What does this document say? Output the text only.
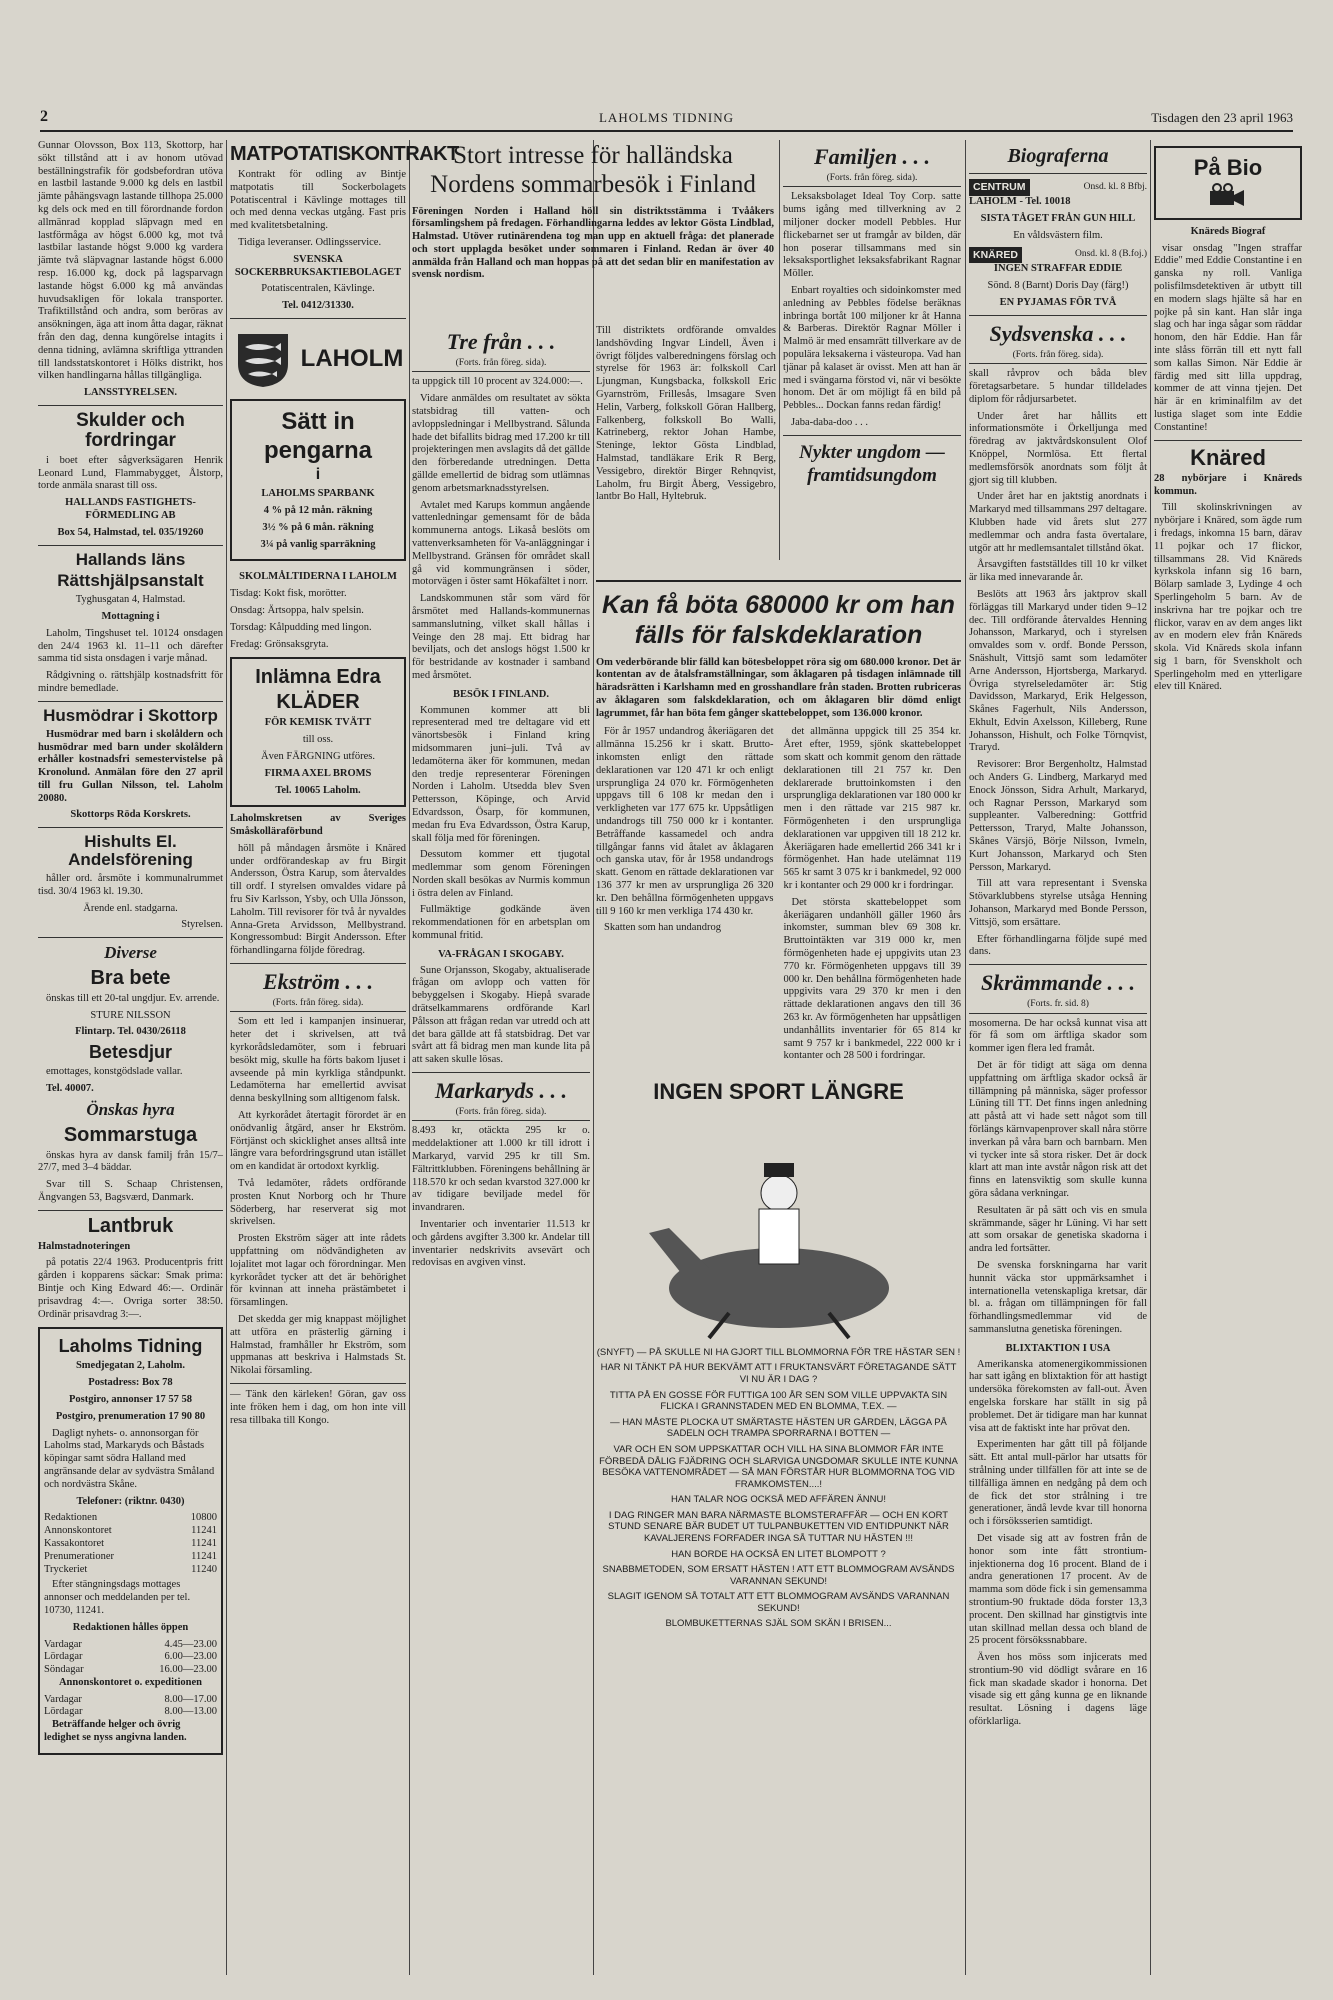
2	LAHOLMS TIDNING	Tisdagen den 23 april 1963

Gunnar Olovsson, Box 113, Skottorp, har sökt tillstånd att i av honom utövad beställningstrafik för godsbefordran utöva en lastbil lastande 9.000 kg dels en lastbil jämte påhängsvagn lastande tillhopa 25.000 kg dels ock med en till förordnande fordon allmänrad kopplad släpvagn med en lastförmåga av högst 6.000 kg, mot två lastbilar lastande högst 9.000 kg varderа jämte två släpvagnar lastande högst 6.000 resp. 16.000 kg, dock på lagsparvagn lastande högst 6.000 kg må användas huvudsakligen för lokala transporter. Trafiktillstånd och andra, som beröras av ansökningen, äga att inom åtta dagar, räknat från den dag, denna kungörelse intagits i denna tidning, avlämna skriftliga yttranden till landsstatskontoret i Hölks distrikt, hos vilken handlingarna hållas tillgängliga.

LANSSTYRELSEN.

Skulder och fordringar

i boet efter sågverksägaren Henrik Leonard Lund, Flammabygget, Ålstorp, torde anmäla snarast till oss.

HALLANDS FASTIGHETS-FÖRMEDLING AB

Box 54, Halmstad, tel. 035/19260

Hallands läns
Rättshjälpsanstalt

Tyghusgatan 4, Halmstad.

Mottagning i

Laholm, Tingshuset tel. 10124 onsdagen den 24/4 1963 kl. 11–11 och därefter samma tid sista onsdagen i varje månad.

Rådgivning o. rättshjälp kostnadsfritt för mindre bemedlade.

Husmödrar i Skottorp

Husmödrar med barn i skolåldern och husmödrar med barn under skolåldern erhåller kostnadsfri semestervistelse på Kronolund. Anmälan före den 27 april till fru Gullan Nilsson, tel. Laholm 20080.

Skottorps Röda Korskrets.

Hishults El. Andelsförening

håller ord. årsmöte i kommunalrummet tisd. 30/4 1963 kl. 19.30.

Ärende enl. stadgarna.

Styrelsen.

Diverse
Bra bete

önskas till ett 20-tal ungdjur. Ev. arrende.

STURE NILSSON

Flintarp. Tel. 0430/26118

Betesdjur

emottages, konstgödslade vallar.

Tel. 40007.

Önskas hyra
Sommarstuga

önskas hyra av dansk familj från 15/7–27/7, med 3–4 bäddar.

Svar till S. Schaap Christensen, Ängvangen 53, Bagsværd, Danmark.

Lantbruk

Halmstadnoteringen

på potatis 22/4 1963. Producentpris fritt gården i kopparens säckar: Smak prima: Bintje och King Edward 46:—. Ordinär prisavdrag 4:—. Ovriga sorter 38:50. Ordinär prisavdrag 3:—.

Laholms Tidning

Smedjegatan 2, Laholm.

Postadress: Box 78

Postgiro, annonser 17 57 58

Postgiro, prenumeration 17 90 80

Dagligt nyhets- o. annonsorgan för Laholms stad, Markaryds och Båstads köpingar samt södra Halland med angränsande delar av sydvästra Småland och nordvästra Skåne.

Telefoner: (riktnr. 0430)

Redaktionen	10800
Annonskontoret	11241
Kassakontoret	11241
Prenumerationer	11241
Tryckeriet	11240

Efter stängningsdags mottages annonser och meddelanden per tel. 10730, 11241.

Redaktionen hålles öppen

Vardagar	4.45—23.00
Lördagar	6.00—23.00
Söndagar	16.00—23.00

Annonskontoret o. expeditionen

Vardagar	8.00—17.00
Lördagar	8.00—13.00

Beträffande helger och övrig ledighet se nyss angivna landen.

MATPOTATISKONTRAKT

Kontrakt för odling av Bintje matpotatis till Sockerbolagets Potatiscentral i Kävlinge mottages till och med denna veckas utgång. Fast pris med kvalitetsbetalning.

Tidiga leveranser. Odlingsservice.

SVENSKA SOCKERBRUKSAKTIEBOLAGET

Potatiscentralen, Kävlinge.

Tel. 0412/31330.

LAHOLM
Sätt in
pengarna
i

LAHOLMS SPARBANK

4 % på 12 mån. räkning

3½ % på 6 mån. räkning

3¼ på vanlig sparräkning

SKOLMÅLTIDERNA I LAHOLM

Tisdag: Kokt fisk, morötter.

Onsdag: Ärtsoppa, halv spelsin.

Torsdag: Kålpudding med lingon.

Fredag: Grönsaksgryta.

Inlämna Edra
KLÄDER

FÖR KEMISK TVÄTT

till oss.

Även FÄRGNING utföres.

FIRMA AXEL BROMS

Tel. 10065 Laholm.

Laholmskretsen av Sveriges Småskolläraförbund

höll på måndagen årsmöte i Knäred under ordförandeskap av fru Birgit Andersson, Östra Karup, som återvaldes till ordf. I styrelsen omvaldes vidare på fru Siv Karlsson, Ysby, och Ulla Jönsson, Laholm. Till revisorer för två år nyvaldes Anna-Greta Arvidsson, Mellbystrand. Kongressombud: Birgit Andersson. Efter förhandlingarna följde föredrag.

Ekström . . .
(Forts. från föreg. sida).

Som ett led i kampanjen insinuerar, heter det i skrivelsen, att två kyrkorådsledamöter, som i februari besökt mig, skulle ha förts bakom ljuset i avseende på min kyrkliga ståndpunkt. Ledamöterna har emellertid avvisat denna beskyllning som alltigenom falsk.

Att kyrkorådet återtagit förordet är en onödvanlig åtgärd, anser hr Ekström. Förtjänst och skicklighet anses alltså inte längre vara befordringsgrund utan istället om en kandidat är ortodoxt kyrklig.

Två ledamöter, rådets ordförande prosten Knut Norborg och hr Thure Söderberg, har reserverat sig mot skrivelsen.

Prosten Ekström säger att inte rådets uppfattning om nödvändigheten av lojalitet mot lagar och förordningar. Men kyrkorådet tycker att det är behörighet för kvinnan att inneha prästämbetet i församlingen.

Det skedda ger mig knappast möjlighet att utföra en prästerlig gärning i Halmstad, framhåller hr Ekström, som uppmanas att beskriva i Halmstads St. Nikolai församling.

— Tänk den kärleken! Göran, gav oss inte fröken hem i dag, om hon inte vill resa tillbaka till Kongo.

Stort intresse för halländska Nordens sommarbesök i Finland

Föreningen Norden i Halland höll sin distriktsstämma i Tvååkers församlingshem på fredagen. Förhandlingarna leddes av lektor Gösta Lindblad, Halmstad. Utöver rutinärendena tog man upp en aktuell fråga: det planerade och stort upplagda besöket under sommaren i Finland. Redan är över 40 anmälda från Halland och man hoppas på att det sedan blir en manifestation av svensk nordism.

Tre från . . .
(Forts. från föreg. sida).

ta uppgick till 10 procent av 324.000:—.

Vidare anmäldes om resultatet av sökta statsbidrag till vatten- och avloppsledningar i Mellbystrand. Sålunda hade det bifallits bidrag med 17.200 kr till projekteringen men avslagits då det gällde den förberedande utredningen. Detta gällde emellertid de bidrag som utlämnas genom arbetsmarknadsstyrelsen.

Avtalet med Karups kommun angående vattenledningar gemensamt för de båda kommunerna antogs. Likaså beslöts om vattenverksamheten för Va-anläggningar i Mellbystrand. Gränsen för området skall gå vid kommungränsen i söder, motorvägen i öster samt Hökafältet i norr.

Landskommunen står som värd för årsmötet med Hallands-kommunernas sammanslutning, vilket skall hållas i Veinge den 28 maj. Ett bidrag har beviljats, och det anslogs högst 1.500 kr för bestridande av kostnader i samband med årsmötet.

BESÖK I FINLAND.

Kommunen kommer att bli representerad med tre deltagare vid ett vänortsbesök i Finland kring midsommaren juni–juli. Två av ledamöterna äker för kommunen, medan den tredje representerar Föreningen Norden i Laholm. Utsedda blev Sven Pettersson, Köpinge, och Arvid Edvardsson, Ösarp, för kommunen, medan fru Eva Edvardsson, Östra Karup, skall följa med för föreningen.

Dessutom kommer ett tjugotal medlemmar som genom Föreningen Norden skall besökas av Nurmis kommun i östra delen av Finland.

Fullmäktige godkände även rekommendationen för en arbetsplan om kommunal fritid.

VA-FRÅGAN I SKOGABY.

Sune Orjansson, Skogaby, aktualiserade frågan om avlopp och vatten för bebyggelsen i Skogaby. Hiepå svarade drätselkammarens ordförande Karl Pålsson att frågan redan var utredd och att det bara gällde att få statsbidrag. Det var svårt att få bidrag men man kunde lita på att saken skulle lösas.

Markaryds . . .
(Forts. från föreg. sida).

8.493 kr, otäckta 295 kr o. meddelaktioner att 1.000 kr till idrott i Markaryd, varvid 295 kr till Sm. Fältrittklubben. Föreningens behållning är 118.570 kr och sedan kvarstod 327.000 kr av tidigare beviljade medel för invandraren.

Inventarier och inventarier 11.513 kr och gårdens avgifter 3.300 kr. Andelar till inventarier nedskrivits avsevärt och redovisas en avgiven vinst.

Till distriktets ordförande omvaldes landshövding Ingvar Lindell, Även i övrigt följdes valberedningens förslag och styrelse för 1963 är: folkskoll Carl Ljungman, Kungsbacka, folkskoll Eric Gyarnström, Frillesås, lmsagare Sven Helin, Varberg, folkskoll Göran Hallberg, Falkenberg, folkskoll Bo Walli, Katrineberg, rektor Johan Hambe, Steninge, lektor Gösta Lindblad, Halmstad, tandläkare Erik R Berg, Vessigebro, direktör Birger Rehnqvist, Laholm, fru Birgit Åberg, Vessigebro, lantbr Bo Hall, Hyltebruk.

Familjen . . .
(Forts. från föreg. sida).

Leksaksbolaget Ideal Toy Corp. satte bums igång med tillverkning av 2 miljoner docker modell Pebbles. Hur flickebarnet ser ut framgår av bilden, där hon poserar tillsammans med sin leksaksportlighet leksaksfabrikant Ragnar Möller.

Enbart royalties och sidoinkomster med anledning av Pebbles födelse beräknas inbringa bortåt 100 miljoner kr åt Hanna & Barberas. Direktör Ragnar Möller i Malmö är med ensamrätt tillverkare av de populära leksakerna i västeuropa. Vad han tjänar på kalaset är ovisst. Men att han är med i svängarna förstod vi, när vi besökte honom. Det är om möjligt få en bild på Pebbles... Dockan fanns redan färdig!

Jaba-daba-doo . . .

Nykter ungdom — framtidsungdom
Kan få böta 680000 kr om han
fälls för falskdeklaration

Om vederbörande blir fälld kan bötesbeloppet röra sig om 680.000 kronor. Det är kontentan av de åtalsframställningar, som åklagaren på tisdagen inlämnade till häradsrätten i Karlshamn med en grosshandlare från staden. Brotten rubriceras av åklagaren som falskdeklaration, och om åklagaren blir dömd enligt lagrummet, får han böta fem gånger skattebeloppet, som 136.000 kronor.

För år 1957 undandrog åkeriägaren det allmänna 15.256 kr i skatt. Brutto-inkomsten enligt den rättade deklarationen var 120 471 kr och enligt ursprungliga 24 070 kr. Förmögenheten uppgavs till 6 108 kr medan den i verkligheten var 177 675 kr. Uppsåtligen undandrogs till 750 000 kr i kontanter. Betråffande kassamedel och andra tillgångar fanns vid åtalet av åklagaren och ganska utav, för år 1958 undandrogs skatt. Genom en rättade deklarationen var 136 377 kr men av ursprungliga 26 320 kr. Den behållna förmögenheten uppgavs till 9 160 kr men verkliga 174 430 kr.

Skatten som han undandrog

det allmänna uppgick till 25 354 kr. Året efter, 1959, sjönk skattebeloppet som skatt och kommit genom den rättade deklarationen till 21 757 kr. Den deklarerade bruttoinkomsten i den ursprungliga deklarationen var 180 000 kr men i den rättade var 215 987 kr. Förmögenheten i den ursprungliga deklarationen var uppgiven till 18 212 kr. Åkeriägaren hade emellertid 266 341 kr i förmögenhet. Han hade utelämnat 119 565 kr samt 3 075 kr i bankmedel, 92 000 kr i kontanter och 29 000 kr i fordringar.

Det största skattebeloppet som åkeriägaren undanhöll gäller 1960 års inkomster, summan blev 69 308 kr. Bruttointäkten var 319 000 kr, men förmögenheten hade ej uppgivits utan 23 770 kr. Förmögenheten uppgavs till 39 000 kr. Den behållna förmögenheten hade uppgivits vara 29 370 kr men i den rättade deklarationen angavs den till 36 263 kr. Av förmögenheten har uppsåtligen undanhållits inventarier för 65 814 kr samt 9 757 kr i bankmedel, 222 000 kr i kontanter och 28 500 i fordringar.

INGEN SPORT LÄNGRE

(SNYFT) — PÅ SKULLE NI HA GJORT TILL BLOMMORNA FÖR TRE HÄSTAR SEN !

HAR NI TÄNKT PÅ HUR BEKVÄMT ATT I FRUKTANSVÄRT FÖRETAGANDE SÄTT VI NU ÄR I DAG ?

TITTA PÅ EN GOSSE FÖR FUTTIGA 100 ÅR SEN SOM VILLE UPPVAKTA SIN FLICKA I GRANNSTADEN MED EN BLOMMA, T.EX. —

— HAN MÅSTE PLOCKA UT SMÄRTASTE HÄSTEN UR GÅRDEN, LÄGGA PÅ SADELN OCH TRAMPA SPORRARNA I BOTTEN —

VAR OCH EN SOM UPPSKATTAR OCH VILL HA SINA BLOMMOR FÅR INTE FÖRBEDÅ DÅLIG FJÄDRING OCH SLARVIGA UNGDOMAR SKULLE INTE KUNNA BESÖKA VATTENOMRÅDET — SÅ MAN FÖRSTÅR HUR BLOMMORNA TOG VID FRAMKOMSTEN....!

HAN TALAR NOG OCKSÅ MED AFFÄREN ÄNNU!

I DAG RINGER MAN BARA NÄRMASTE BLOMSTERAFFÄR — OCH EN KORT STUND SENARE BÄR BUDET UT TULPANBUKETTEN VID ENTIDPUNKT NÄR KAVALJERENS FORFADER INGA SÅ TUTTAR NU HÄSTEN !!!

HAN BORDE HA OCKSÅ EN LITET BLOMPOTT ?

SNABBMETODEN, SOM ERSATT HÄSTEN ! ATT ETT BLOMMOGRAM AVSÄNDS VARANNAN SEKUND!

SLAGIT IGENOM SÅ TOTALT ATT ETT BLOMMOGRAM AVSÄNDS VARANNAN SEKUND!

BLOMBUKETTERNAS SJÄL SOM SKÄN I BRISEN...

Biograferna
CENTRUM	Onsd. kl. 8 Bfbj.

LAHOLM - Tel. 10018

SISTA TÅGET FRÅN GUN HILL

En våldsvästern film.

KNÄRED	Onsd. kl. 8 (B.foj.)

INGEN STRAFFAR EDDIE

Sönd. 8 (Barnt) Doris Day (färg!)

EN PYJAMAS FÖR TVÅ

Sydsvenska . . .
(Forts. från föreg. sida).

skall råvprov och båda blev företagsarbetare. 5 hundar tilldelades diplom för rådjursarbetet.

Under året har hållits ett informationsmöte i Örkelljunga med föredrag av jaktvårdskonsulent Olof Knöppel, Normlösa. Ett flertal medlemsförsök anordnats som följt åt gjort sig till klubben.

Under året har en jaktstig anordnats i Markaryd med tillsammans 297 deltagare. Klubben hade vid årets slut 277 medlemmar och andra fasta övertalare, utgör att hr medlemsantalet tillstånd ökat.

Årsavgiften fastställdes till 10 kr vilket är lika med innevarande år.

Beslöts att 1963 års jaktprov skall förläggas till Markaryd under tiden 9–12 dec. Till ordförande återvaldes Henning Johansson, Markaryd, och i styrelsen omvaldes som v. ordf. Bonde Persson, Snäshult, Vittsjö samt som ledamöter Arne Andersson, Hjortsberga, Markaryd. Övriga styrelseledamöter är: Stig Davidsson, Markaryd, Erik Helgesson, Skånes Fagerhult, Nils Andersson, Ekhult, Edvin Axelsson, Killeberg, Rune Johansson, Hishult, och Folke Törnqvist, Traryd.

Revisorer: Bror Bergenholtz, Halmstad och Anders G. Lindberg, Markaryd med Enock Jönsson, Sidra Arhult, Markaryd, och Ragnar Persson, Markaryd som suppleanter. Valberedning: Gottfrid Pettersson, Traryd, Malte Johansson, Skånes Värsjö, Börje Nilsson, Ivmeln, Kurt Johansson, Markaryd och Sten Persson, Markaryd.

Till att vara representant i Svenska Stövarklubbens styrelse utsåga Henning Johanson, Markaryd med Bonde Persson, Vittsjö, som ersättare.

Efter förhandlingarna följde supé med dans.

Skrämmande . . .
(Forts. fr. sid. 8)

mosomerna. De har också kunnat visa att för få som om ärftliga skador som kommer igen flera led framåt.

Det är för tidigt att säga om denna uppfattning om ärftliga skador också är tillämpning på människa, säger professor Lüning till TT. Det finns ingen anledning att påstå att vi hade sett något som till förlängs kärnvapenprover skall nåra större inverkan på våra barn och barnbarn. Men vi tycker inte så stora risker. Det är dock klart att man inte avstår någon risk att det finns en latensviktig som skulle kunna göra sådana verkningar.

Resultaten är på sätt och vis en smula skrämmande, säger hr Lüning. Vi har sett att som orsakar de genetiska skadorna i andra led fortsätter.

De svenska forskningarna har varit hunnit väcka stor uppmärksamhet i internationella vetenskapliga kretsar, där bl. a. frågan om tillämpningen för fall förhandlingsmedlemmar vid de sammanslutna genetiska föreningen.

BLIXTAKTION I USA

Amerikanska atomenergikommissionen har satt igång en blixtaktion för att hastigt undersöka förekomsten av fall-out. Även engelska forskare har ställt in sig på problemet. Det är tidigare man har kunnat visa att de faktiskt inte har prövat den.

Experimenten har gått till på följande sätt. Ett antal mull-pärlor har utsatts för strålning under tillfällen för att inte se de tillfälliga ämnen en nedgång på dem och de fick det stor strålning i tre generationer, ändå levde kvar till honorna och i försöksserien samtidigt.

Det visade sig att av fostren från de honor som inte fått strontium-injektionerna dog 16 procent. Bland de i andra generationen 17 procent. Av de mamma som döde fick i sin gemensamma strontium-90 fruktade döda forster 13,3 procent. Den skillnad har ginstigtvis inte utan skillnad mellan dessa och bland de 25 procent försökssnabbare.

Även hos möss som injicerats med strontium-90 vid dödligt svårare en 16 fick man skadade skador i honorna. Det visade sig ett gång kunna ge en liknande resultat. Lösning i dagens läge oförklarliga.

På Bio

Knäreds Biograf

visar onsdag "Ingen straffar Eddie" med Eddie Constantine i en ganska ny roll. Vanliga polisfilmsdetektiven är utbytt till en modern slags hjälte så har en pojke på sin kant. Han slår inga slag och har inga sågar som räddar honom, den här Eddie. Han får inte slåss förrän till ett nytt fall som kallas Simon. När Eddie är färdig med sitt lilla uppdrag, kommer de att vinna tjejen. Det här är en kriminalfilm av det lustiga slaget som inte Eddie Constantine!

Knäred

28 nybörjare i Knäreds kommun.

Till skolinskrivningen av nybörjare i Knäred, som ägde rum i fredags, inkomna 15 barn, därav 11 pojkar och 17 flickor, tillsammans 28. Vid Knäreds kyrkskola infann sig 16 barn, Bölarp samlade 3, Lydinge 4 och Sperlingeholm 5 barn. Av de inskrivna har tre pojkar och tre flickor, varav en av dem anges likt av en modern elev från Knäreds skola. Vid Knäreds skola infann sig 1 barn, för Svenskholt och Sperlingeholm med en ytterligare elev till Knäred.
